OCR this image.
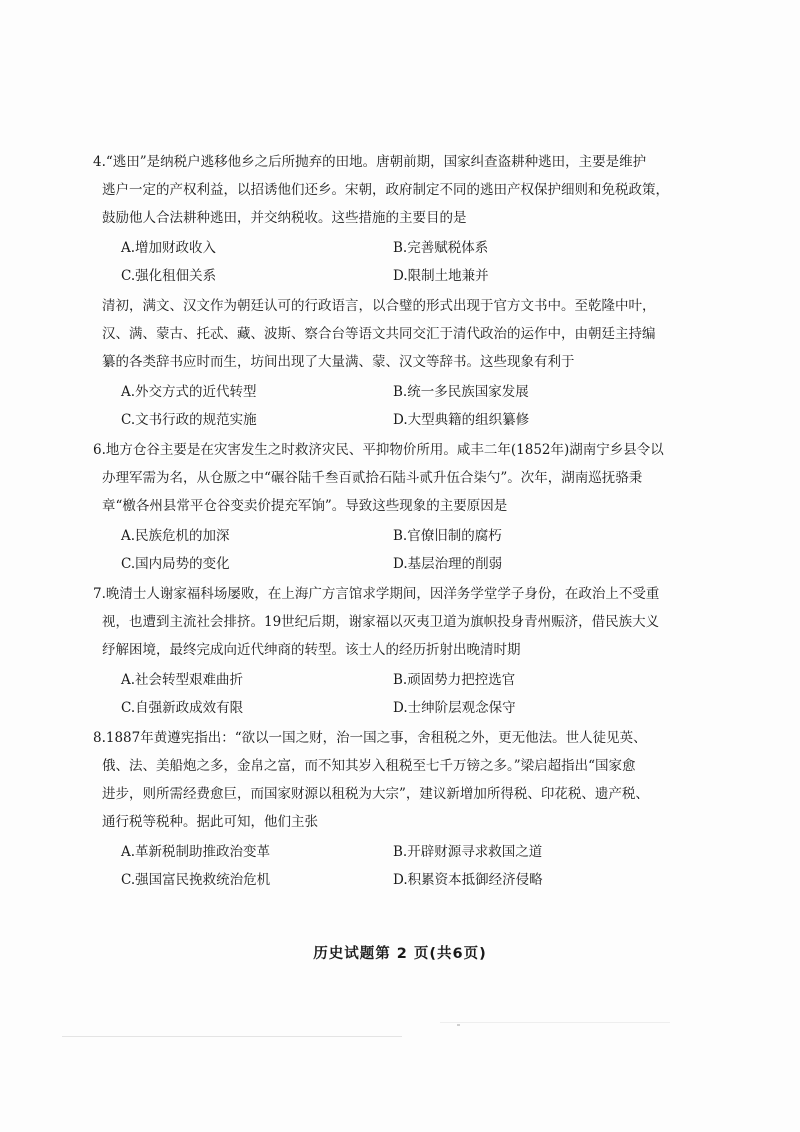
4.“逃田”是纳税户逃移他乡之后所抛弃的田地。唐朝前期，国家纠查盗耕种逃田，主要是维护

逃户一定的产权利益，以招诱他们还乡。宋朝，政府制定不同的逃田产权保护细则和免税政策，

鼓励他人合法耕种逃田，并交纳税收。这些措施的主要目的是

A.增加财政收入	B.完善赋税体系
C.强化租佃关系	D.限制土地兼并

清初，满文、汉文作为朝廷认可的行政语言，以合璧的形式出现于官方文书中。至乾隆中叶，

汉、满、蒙古、托忒、藏、波斯、察合台等语文共同交汇于清代政治的运作中，由朝廷主持编

纂的各类辞书应时而生，坊间出现了大量满、蒙、汉文等辞书。这些现象有利于

A.外交方式的近代转型	B.统一多民族国家发展
C.文书行政的规范实施	D.大型典籍的组织纂修

6.地方仓谷主要是在灾害发生之时救济灾民、平抑物价所用。咸丰二年(1852年)湖南宁乡县令以

办理军需为名，从仓厫之中“碾谷陆千叁百贰拾石陆斗贰升伍合柒勺”。次年，湖南巡抚骆秉

章“檄各州县常平仓谷变卖价提充军饷”。导致这些现象的主要原因是

A.民族危机的加深	B.官僚旧制的腐朽
C.国内局势的变化	D.基层治理的削弱

7.晚清士人谢家福科场屡败，在上海广方言馆求学期间，因洋务学堂学子身份，在政治上不受重

视，也遭到主流社会排挤。19世纪后期，谢家福以灭夷卫道为旗帜投身青州赈济，借民族大义

纾解困境，最终完成向近代绅商的转型。该士人的经历折射出晚清时期

A.社会转型艰难曲折	B.顽固势力把控选官
C.自强新政成效有限	D.士绅阶层观念保守

8.1887年黄遵宪指出：“欲以一国之财，治一国之事，舍租税之外，更无他法。世人徒见英、

俄、法、美船炮之多，金帛之富，而不知其岁入租税至七千万镑之多。”梁启超指出“国家愈

进步，则所需经费愈巨，而国家财源以租税为大宗”，建议新增加所得税、印花税、遗产税、

通行税等税种。据此可知，他们主张

A.革新税制助推政治变革	B.开辟财源寻求救国之道
C.强国富民挽救统治危机	D.积累资本抵御经济侵略
历史试题第 2 页(共6页)
